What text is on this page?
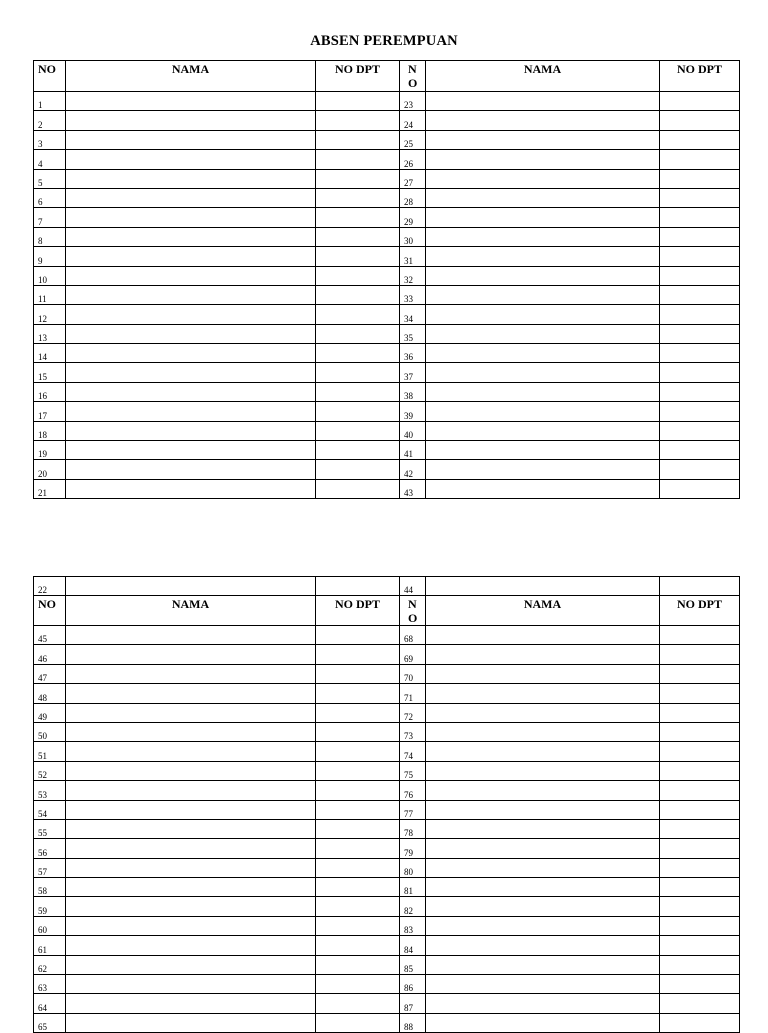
ABSEN PEREMPUAN
NO	NAMA	NO DPT	NO	NAMA	NO DPT
1			23		
2			24		
3			25		
4			26		
5			27		
6			28		
7			29		
8			30		
9			31		
10			32		
11			33		
12			34		
13			35		
14			36		
15			37		
16			38		
17			39		
18			40		
19			41		
20			42		
21			43		
22			44		
NO	NAMA	NO DPT	NO	NAMA	NO DPT
45			68		
46			69		
47			70		
48			71		
49			72		
50			73		
51			74		
52			75		
53			76		
54			77		
55			78		
56			79		
57			80		
58			81		
59			82		
60			83		
61			84		
62			85		
63			86		
64			87		
65			88		
